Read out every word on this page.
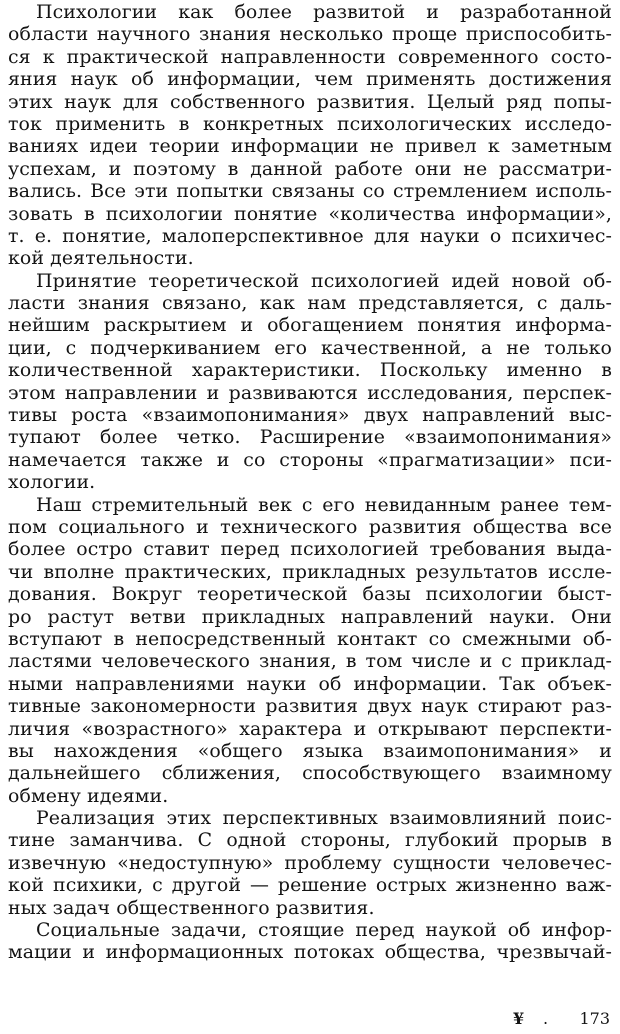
Психологии как более развитой и разработанной
области научного знания несколько проще приспособить-
ся к практической направленности современного состо-
яния наук об информации, чем применять достижения
этих наук для собственного развития. Целый ряд попы-
ток применить в конкретных психологических исследо-
ваниях идеи теории информации не привел к заметным
успехам, и поэтому в данной работе они не рассматри-
вались. Все эти попытки связаны со стремлением исполь-
зовать в психологии понятие «количества информации»,
т. е. понятие, малоперспективное для науки о психичес-
кой деятельности.
Принятие теоретической психологией идей новой об-
ласти знания связано, как нам представляется, с даль-
нейшим раскрытием и обогащением понятия информа-
ции, с подчеркиванием его качественной, а не только
количественной характеристики. Поскольку именно в
этом направлении и развиваются исследования, перспек-
тивы роста «взаимопонимания» двух направлений выс-
тупают более четко. Расширение «взаимопонимания»
намечается также и со стороны «прагматизации» пси-
хологии.
Наш стремительный век с его невиданным ранее тем-
пом социального и технического развития общества все
более остро ставит перед психологией требования выда-
чи вполне практических, прикладных результатов иссле-
дования. Вокруг теоретической базы психологии быст-
ро растут ветви прикладных направлений науки. Они
вступают в непосредственный контакт со смежными об-
ластями человеческого знания, в том числе и с приклад-
ными направлениями науки об информации. Так объек-
тивные закономерности развития двух наук стирают раз-
личия «возрастного» характера и открывают перспекти-
вы нахождения «общего языка взаимопонимания» и
дальнейшего сближения, способствующего взаимному
обмену идеями.
Реализация этих перспективных взаимовлияний поис-
тине заманчива. С одной стороны, глубокий прорыв в
извечную «недоступную» проблему сущности человечес-
кой психики, с другой — решение острых жизненно важ-
ных задач общественного развития.
Социальные задачи, стоящие перед наукой об инфор-
мации и информационных потоках общества, чрезвычай-
¥ . 173
